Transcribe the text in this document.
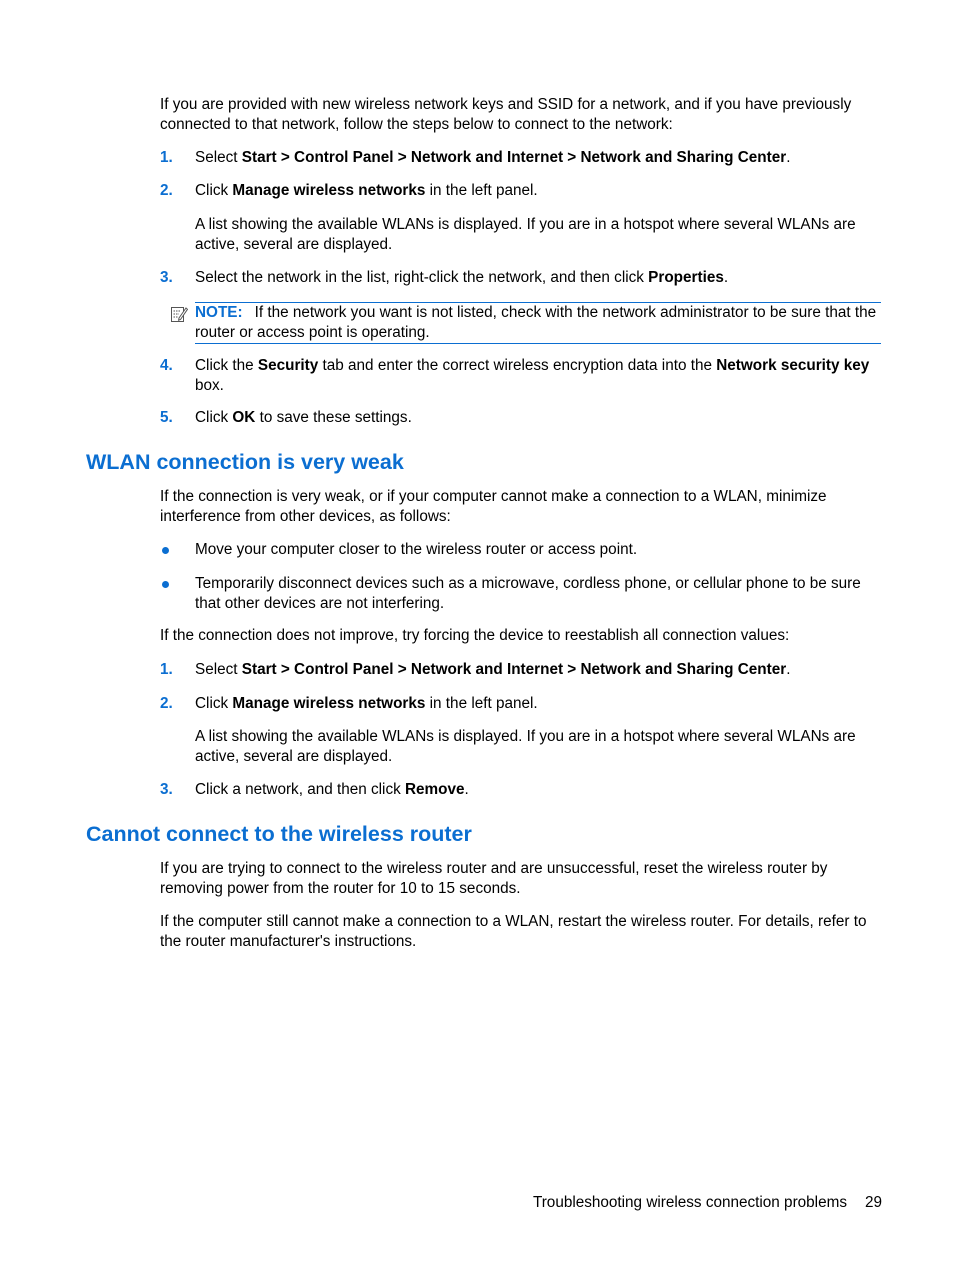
If you are provided with new wireless network keys and SSID for a network, and if you have previously connected to that network, follow the steps below to connect to the network:

1. Select Start > Control Panel > Network and Internet > Network and Sharing Center.
2. Click Manage wireless networks in the left panel.

A list showing the available WLANs is displayed. If you are in a hotspot where several WLANs are active, several are displayed.

3. Select the network in the list, right-click the network, and then click Properties.
NOTE: If the network you want is not listed, check with the network administrator to be sure that the router or access point is operating.
4. Click the Security tab and enter the correct wireless encryption data into the Network security key box.
5. Click OK to save these settings.
WLAN connection is very weak

If the connection is very weak, or if your computer cannot make a connection to a WLAN, minimize interference from other devices, as follows:

Move your computer closer to the wireless router or access point.
Temporarily disconnect devices such as a microwave, cordless phone, or cellular phone to be sure that other devices are not interfering.

If the connection does not improve, try forcing the device to reestablish all connection values:

1. Select Start > Control Panel > Network and Internet > Network and Sharing Center.
2. Click Manage wireless networks in the left panel.

A list showing the available WLANs is displayed. If you are in a hotspot where several WLANs are active, several are displayed.

3. Click a network, and then click Remove.
Cannot connect to the wireless router

If you are trying to connect to the wireless router and are unsuccessful, reset the wireless router by removing power from the router for 10 to 15 seconds.

If the computer still cannot make a connection to a WLAN, restart the wireless router. For details, refer to the router manufacturer's instructions.

Troubleshooting wireless connection problems 29
